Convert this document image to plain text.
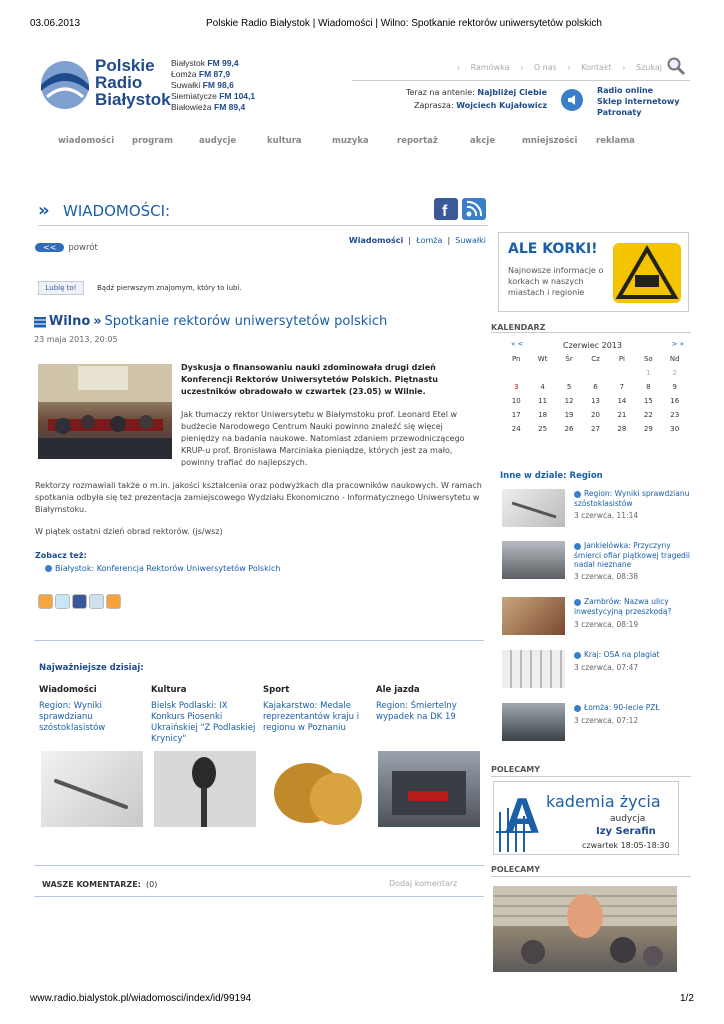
03.06.2013	Polskie Radio Białystok | Wiadomości | Wilno: Spotkanie rektorów uniwersytetów polskich
Polskie
Radio
Białystok
Białystok FM 99,4
Łomża FM 87,9
Suwałki FM 98,6
Siemiatycze FM 104,1
Białowieża FM 89,4
› Ramówka › O nas › Kontakt › Szukaj
Teraz na antenie: Najbliżej Ciebie
Zaprasza: Wojciech Kujałowicz
Radio online
Sklep internetowy
Patronaty
wiadomości program	audycje	kultura	muzyka	reportaż	akcje	mniejszości reklama
» WIADOMOŚCI:	f
Wiadomości | Łomża | Suwałki
<< powrót
Lubię to!	Bądź pierwszym znajomym, który to lubi.
Wilno » Spotkanie rektorów uniwersytetów polskich
23 maja 2013, 20:05
Dyskusja o finansowaniu nauki zdominowała drugi dzień Konferencji Rektorów Uniwersytetów Polskich. Piętnastu uczestników obradowało w czwartek (23.05) w Wilnie.
Jak tłumaczy rektor Uniwersytetu w Białymstoku prof. Leonard Etel w budżecie Narodowego Centrum Nauki powinno znaleźć się więcej pieniędzy na badania naukowe. Natomiast zdaniem przewodniczącego KRUP-u prof. Bronisława Marciniaka pieniądze, których jest za mało, powinny trafiać do najlepszych.
Rektorzy rozmawiali także o m.in. jakości kształcenia oraz podwyżkach dla pracowników naukowych. W ramach spotkania odbyła się też prezentacja zamiejscowego Wydziału Ekonomiczno - Informatycznego Uniwersytetu w Białymstoku.
W piątek ostatni dzień obrad rektorów. (js/wsz)
Zobacz też:
Białystok: Konferencja Rektorów Uniwersytetów Polskich
Najważniejsze dzisiaj:
Wiadomości
Region: Wyniki sprawdzianu szóstoklasistów
Kultura
Bielsk Podlaski: IX Konkurs Piosenki Ukraińskiej "Z Podlaskiej Krynicy"
Sport
Kajakarstwo: Medale reprezentantów kraju i regionu w Poznaniu
Ale jazda
Region: Śmiertelny wypadek na DK 19
WASZE KOMENTARZE: (0)	Dodaj komentarz
ALE KORKI!
Najnowsze informacje o korkach w naszych miastach i regionie
KALENDARZ
« <	Czerwiec 2013	> »
Pn	Wt	Śr	Cz	Pi	So	Nd
					1	2
3	4	5	6	7	8	9
10	11	12	13	14	15	16
17	18	19	20	21	22	23
24	25	26	27	28	29	30
Inne w dziale: Region
Region: Wyniki sprawdzianu szóstoklasistów
3 czerwca, 11:14
Jankielówka: Przyczyny śmierci ofiar piątkowej tragedii nadal nieznane
3 czerwca, 08:38
Zambrów: Nazwa ulicy inwestycyjną przeszkodą?
3 czerwca, 08:19
Kraj: OSA na plagiat
3 czerwca, 07:47
Łomża: 90-lecie PZŁ
3 czerwca, 07:12
POLECAMY
A kademia życia
audycja
Izy Serafin
czwartek 18:05-18:30
POLECAMY
www.radio.bialystok.pl/wiadomosci/index/id/99194	1/2
